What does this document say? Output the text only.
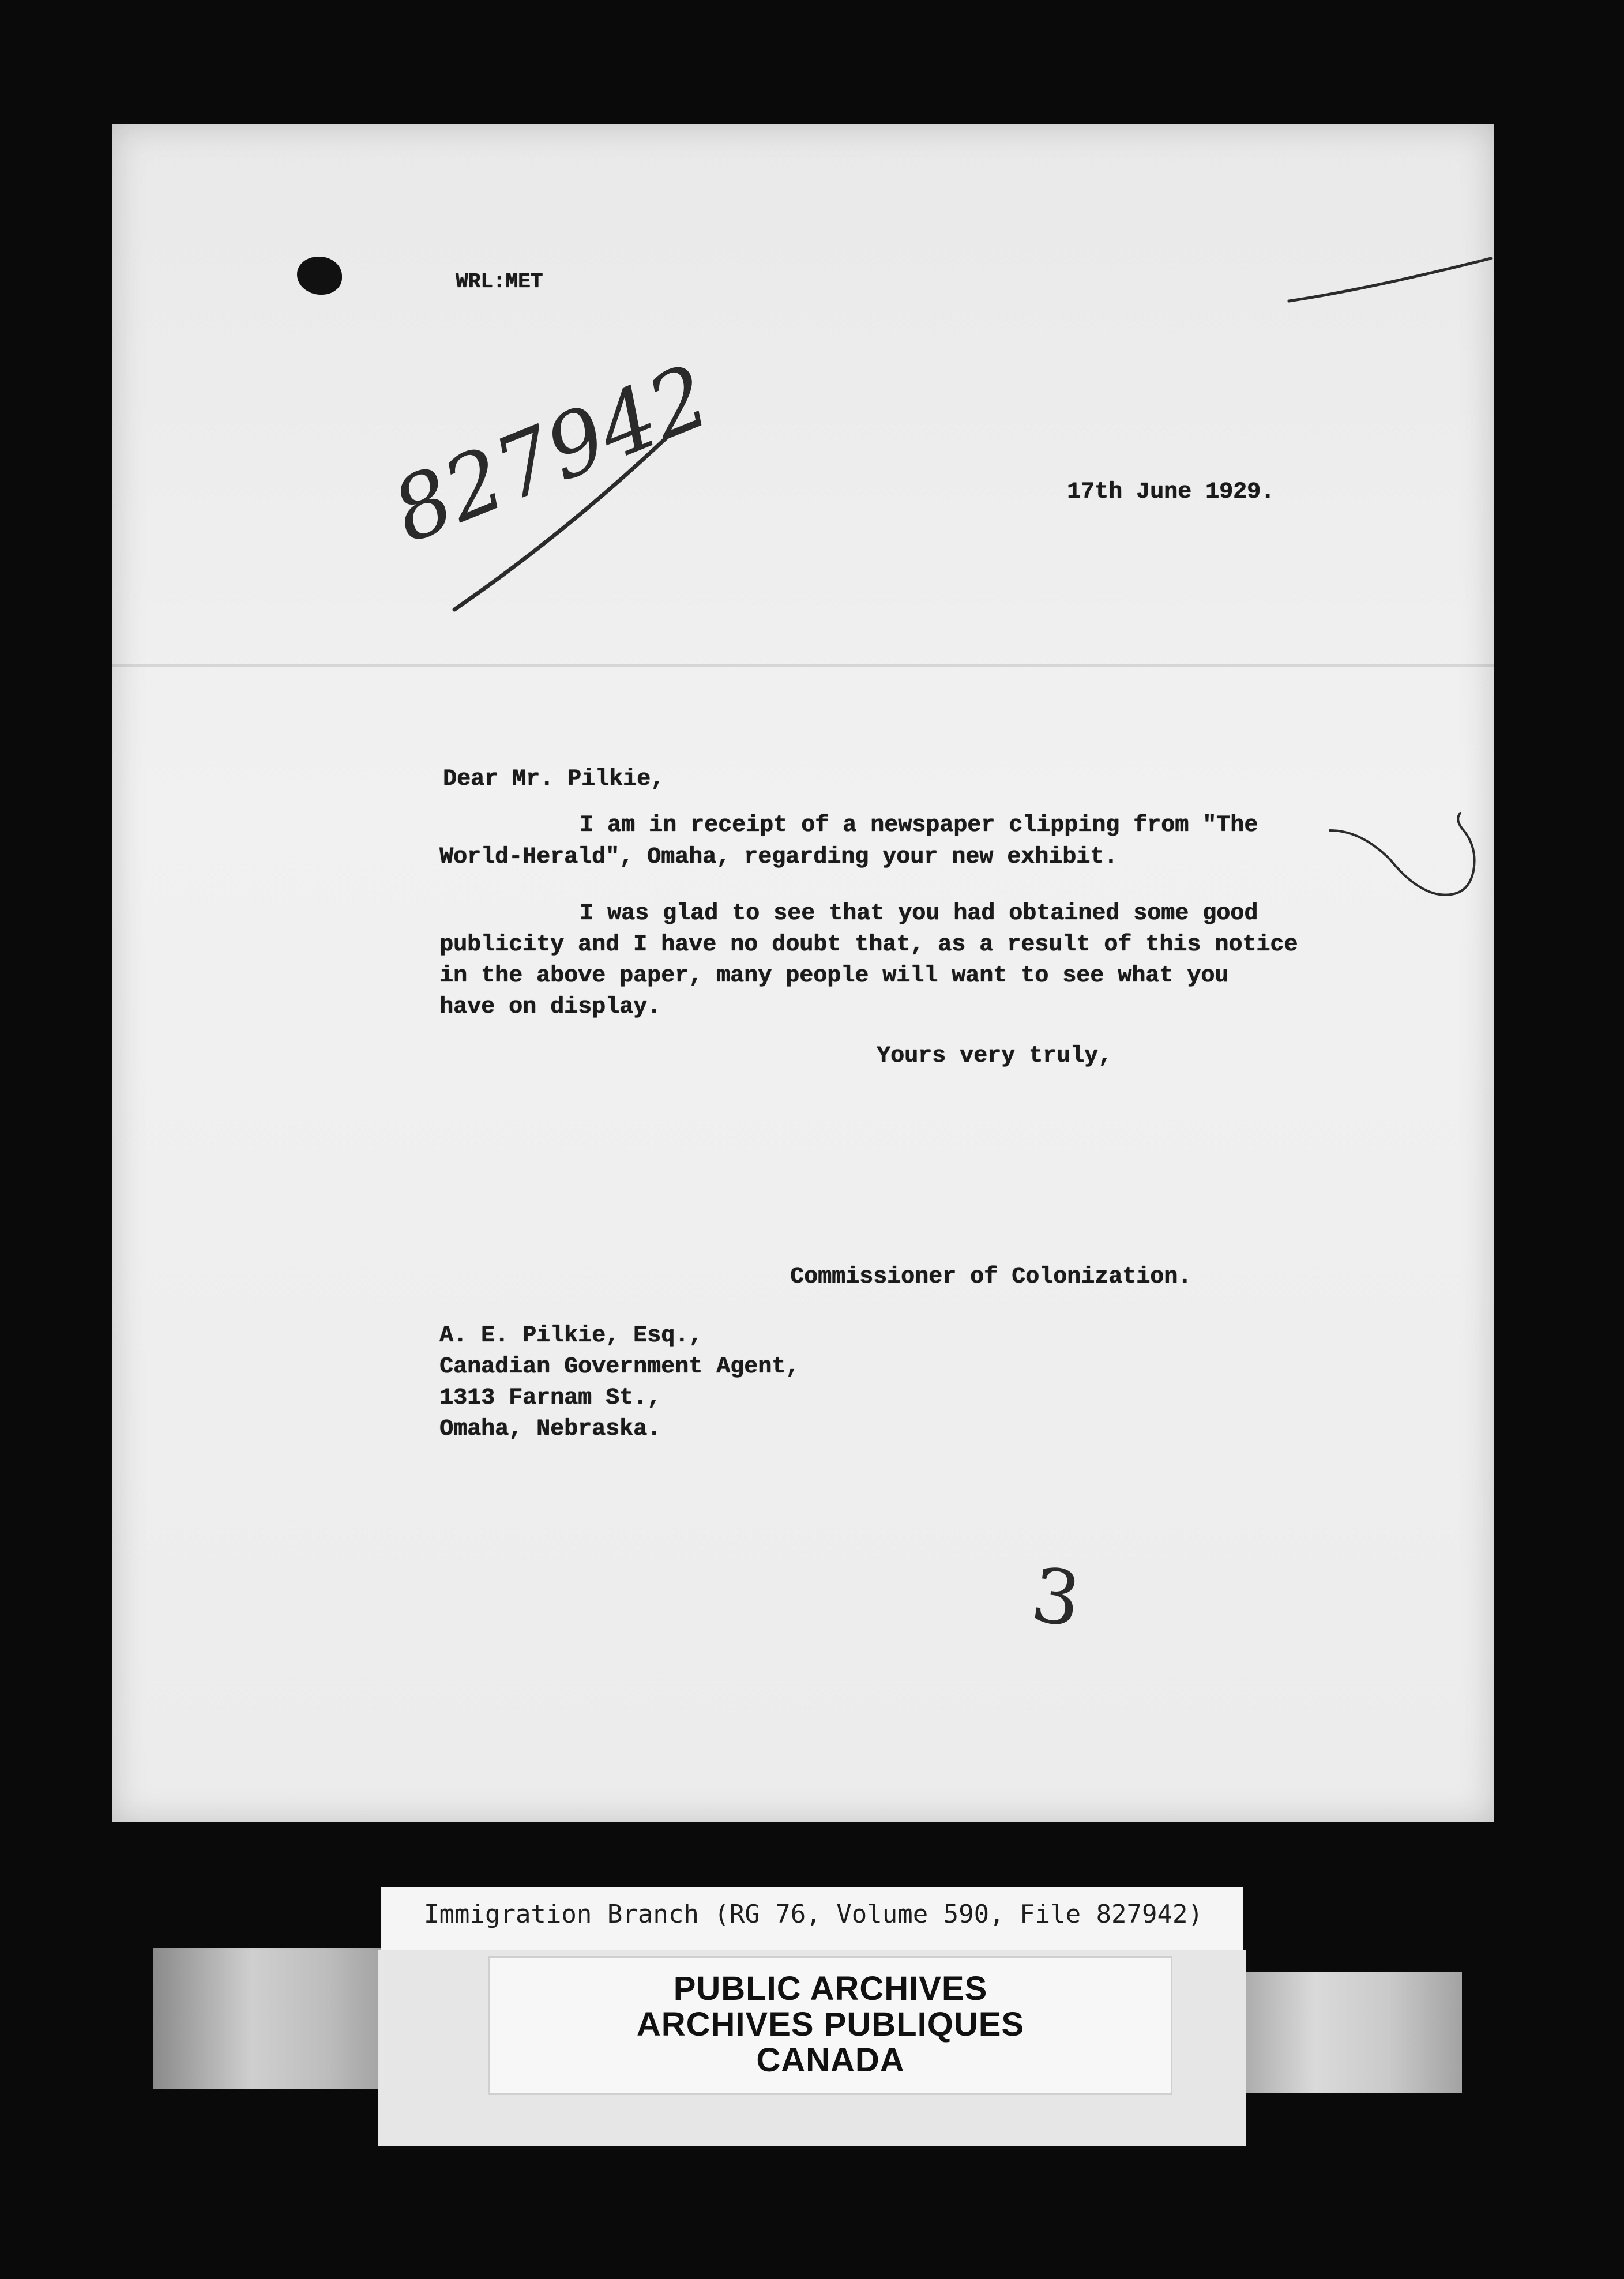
WRL:MET
827942	17th June 1929.
Dear Mr. Pilkie,
I am in receipt of a newspaper clipping from "The
World-Herald", Omaha, regarding your new exhibit.
I was glad to see that you had obtained some good
publicity and I have no doubt that, as a result of this notice
in the above paper, many people will want to see what you
have on display.
Yours very truly,
Commissioner of Colonization.
A. E. Pilkie, Esq.,
Canadian Government Agent,
1313 Farnam St.,
Omaha, Nebraska.
3
Immigration Branch (RG 76, Volume 590, File 827942)
PUBLIC ARCHIVES
ARCHIVES PUBLIQUES
CANADA
